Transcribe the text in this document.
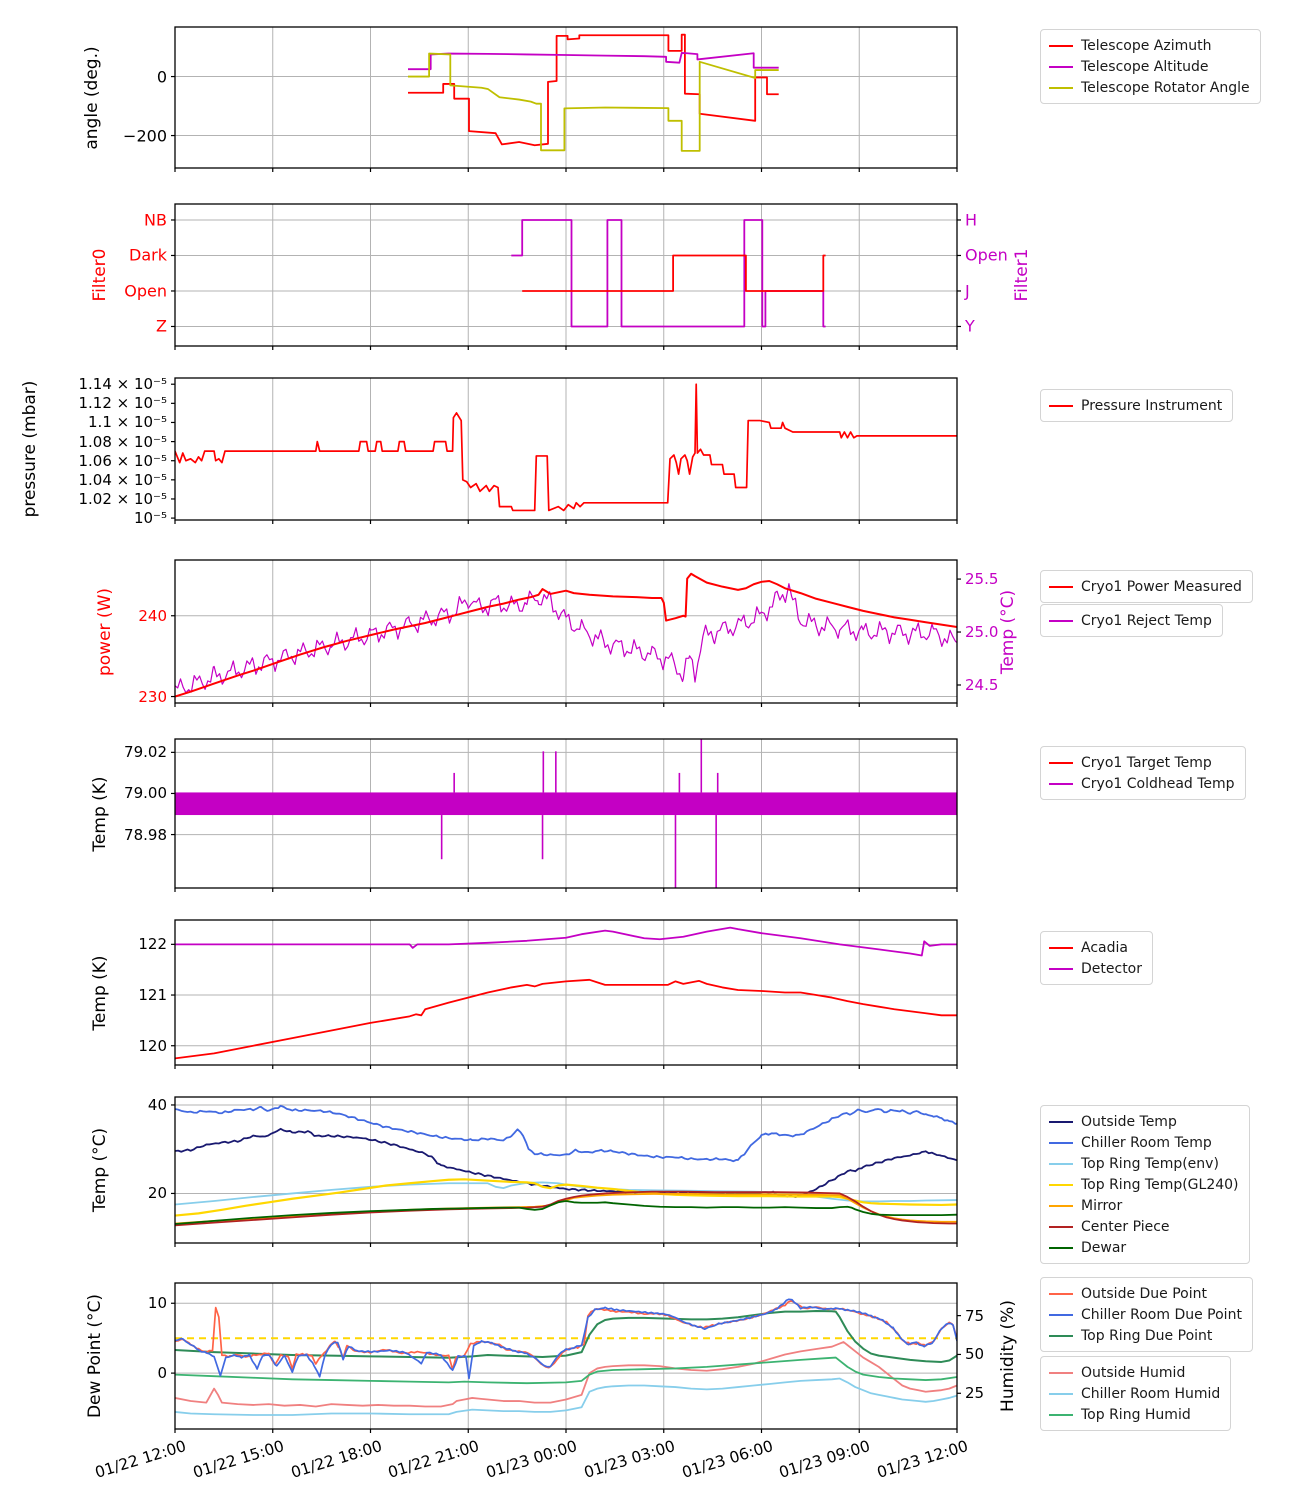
0
−200
angle (deg.)
Telescope Azimuth
Telescope Altitude
Telescope Rotator Angle
NB
Dark
Open
Z
H
Open
J
Y
Filter0	Filter1
1.14 × 10⁻⁵
1.12 × 10⁻⁵
1.1 × 10⁻⁵
1.08 × 10⁻⁵
1.06 × 10⁻⁵
1.04 × 10⁻⁵
1.02 × 10⁻⁵
10⁻⁵
pressure (mbar)	Pressure Instrument
240
230
25.5
25.0
24.5
power (W)	Temp (°C)
Cryo1 Power Measured
Cryo1 Reject Temp
79.02
79.00
78.98
Temp (K)
Cryo1 Target Temp
Cryo1 Coldhead Temp
122
121
120
Temp (K)
Acadia
Detector
40
20
Temp (°C)
Outside Temp
Chiller Room Temp
Top Ring Temp(env)
Top Ring Temp(GL240)
Mirror
Center Piece
Dewar
10
0
75
50
25
Dew Point (°C)	Humidity (%)
Outside Due Point
Chiller Room Due Point
Top Ring Due Point
Outside Humid
Chiller Room Humid
Top Ring Humid
01/22 12:00 01/22 15:00 01/22 18:00 01/22 21:00 01/23 00:00 01/23 03:00 01/23 06:00 01/23 09:00 01/23 12:00
